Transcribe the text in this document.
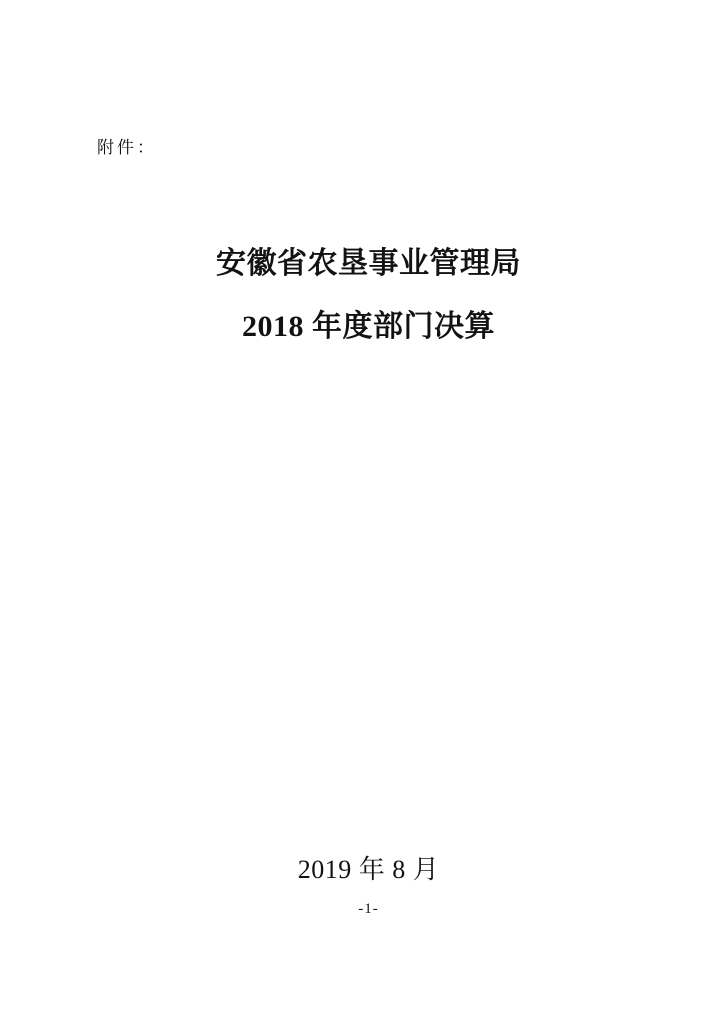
附件：
安徽省农垦事业管理局
2018 年度部门决算
2019 年 8 月
-1-
